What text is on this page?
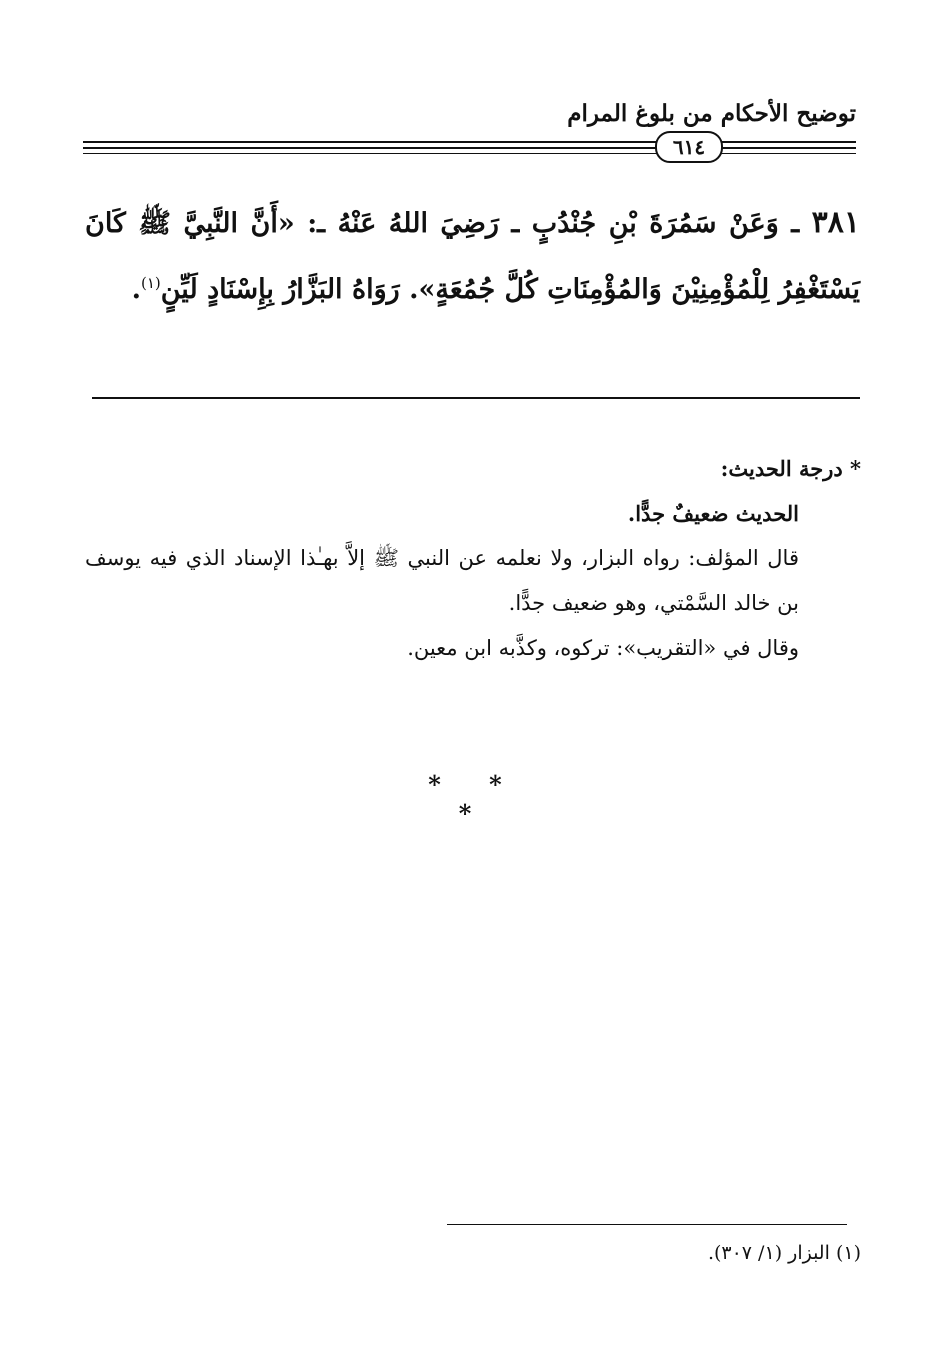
توضيح الأحكام من بلوغ المرام
٦١٤
٣٨١ ـ وَعَنْ سَمُرَةَ بْنِ جُنْدُبٍ ـ رَضِيَ اللهُ عَنْهُ ـ: «أَنَّ النَّبِيَّ ﷺ كَانَ يَسْتَغْفِرُ لِلْمُؤْمِنِيْنَ وَالمُؤْمِنَاتِ كُلَّ جُمُعَةٍ». رَوَاهُ البَزَّارُ بِإِسْنَادٍ لَيِّنٍ$^{(١)}$.

* درجة الحديث:

الحديث ضعيفٌ جدًّا.

قال المؤلف: رواه البزار، ولا نعلمه عن النبي ﷺ إلاَّ بهـٰذا الإسناد الذي فيه يوسف بن خالد السَّمْتي، وهو ضعيف جدًّا.

وقال في «التقريب»: تركوه، وكذَّبه ابن معين.

* * *
(١) البزار (١/ ٣٠٧).
